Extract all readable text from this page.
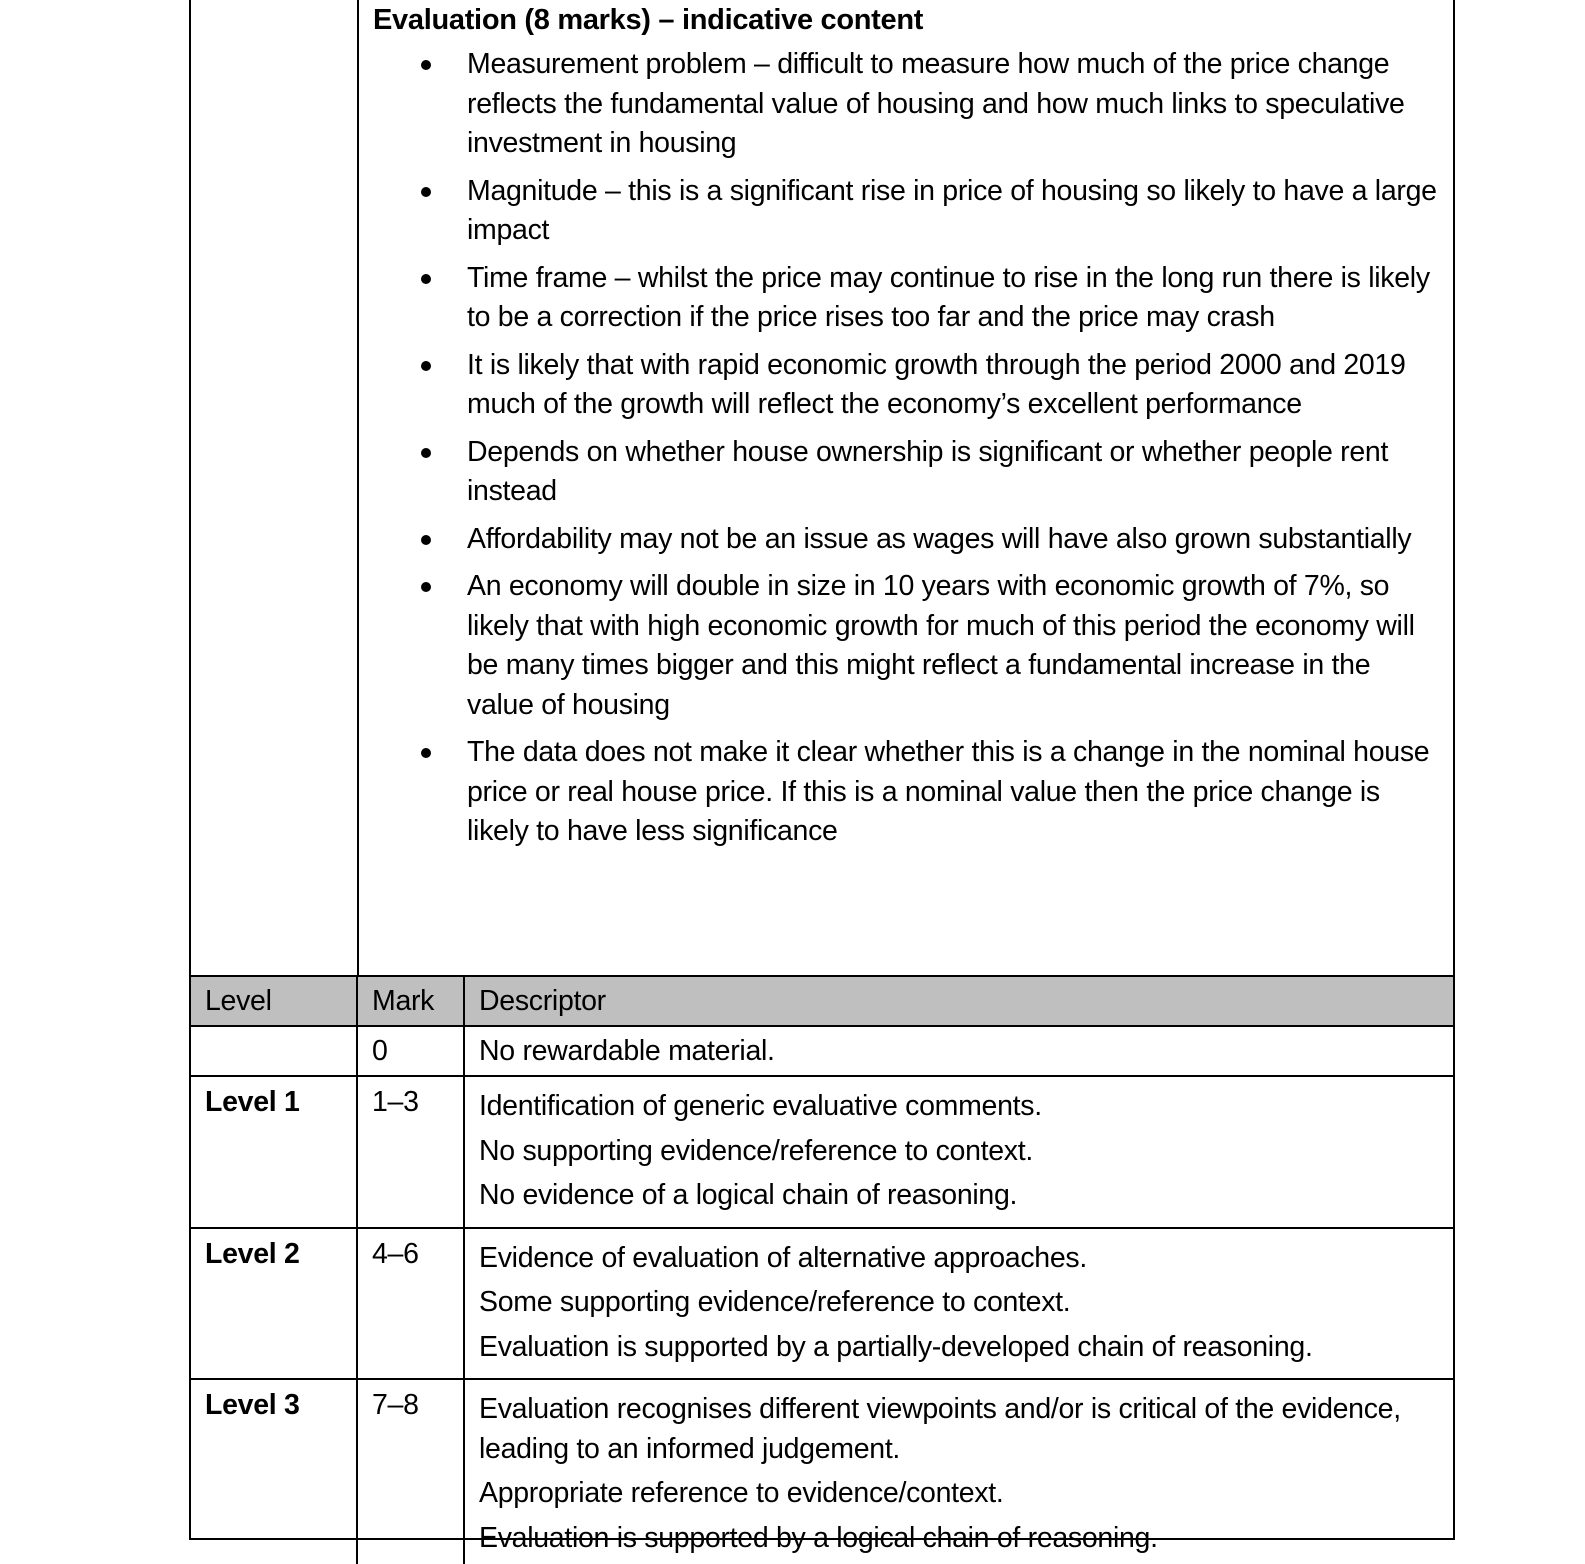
Evaluation (8 marks) – indicative content
Measurement problem – difficult to measure how much of the price change reflects the fundamental value of housing and how much links to speculative investment in housing
Magnitude – this is a significant rise in price of housing so likely to have a large impact
Time frame – whilst the price may continue to rise in the long run there is likely to be a correction if the price rises too far and the price may crash
It is likely that with rapid economic growth through the period 2000 and 2019 much of the growth will reflect the economy’s excellent performance
Depends on whether house ownership is significant or whether people rent instead
Affordability may not be an issue as wages will have also grown substantially
An economy will double in size in 10 years with economic growth of 7%, so likely that with high economic growth for much of this period the economy will be many times bigger and this might reflect a fundamental increase in the value of housing
The data does not make it clear whether this is a change in the nominal house price or real house price. If this is a nominal value then the price change is likely to have less significance
Level	Mark	Descriptor
	0	No rewardable material.
Level 1	1–3	Identification of generic evaluative comments.
No supporting evidence/reference to context.
No evidence of a logical chain of reasoning.

Level 2	4–6	Evidence of evaluation of alternative approaches.
Some supporting evidence/reference to context.
Evaluation is supported by a partially-developed chain of reasoning.

Level 3	7–8	Evaluation recognises different viewpoints and/or is critical of the evidence, leading to an informed judgement.
Appropriate reference to evidence/context.
Evaluation is supported by a logical chain of reasoning.
